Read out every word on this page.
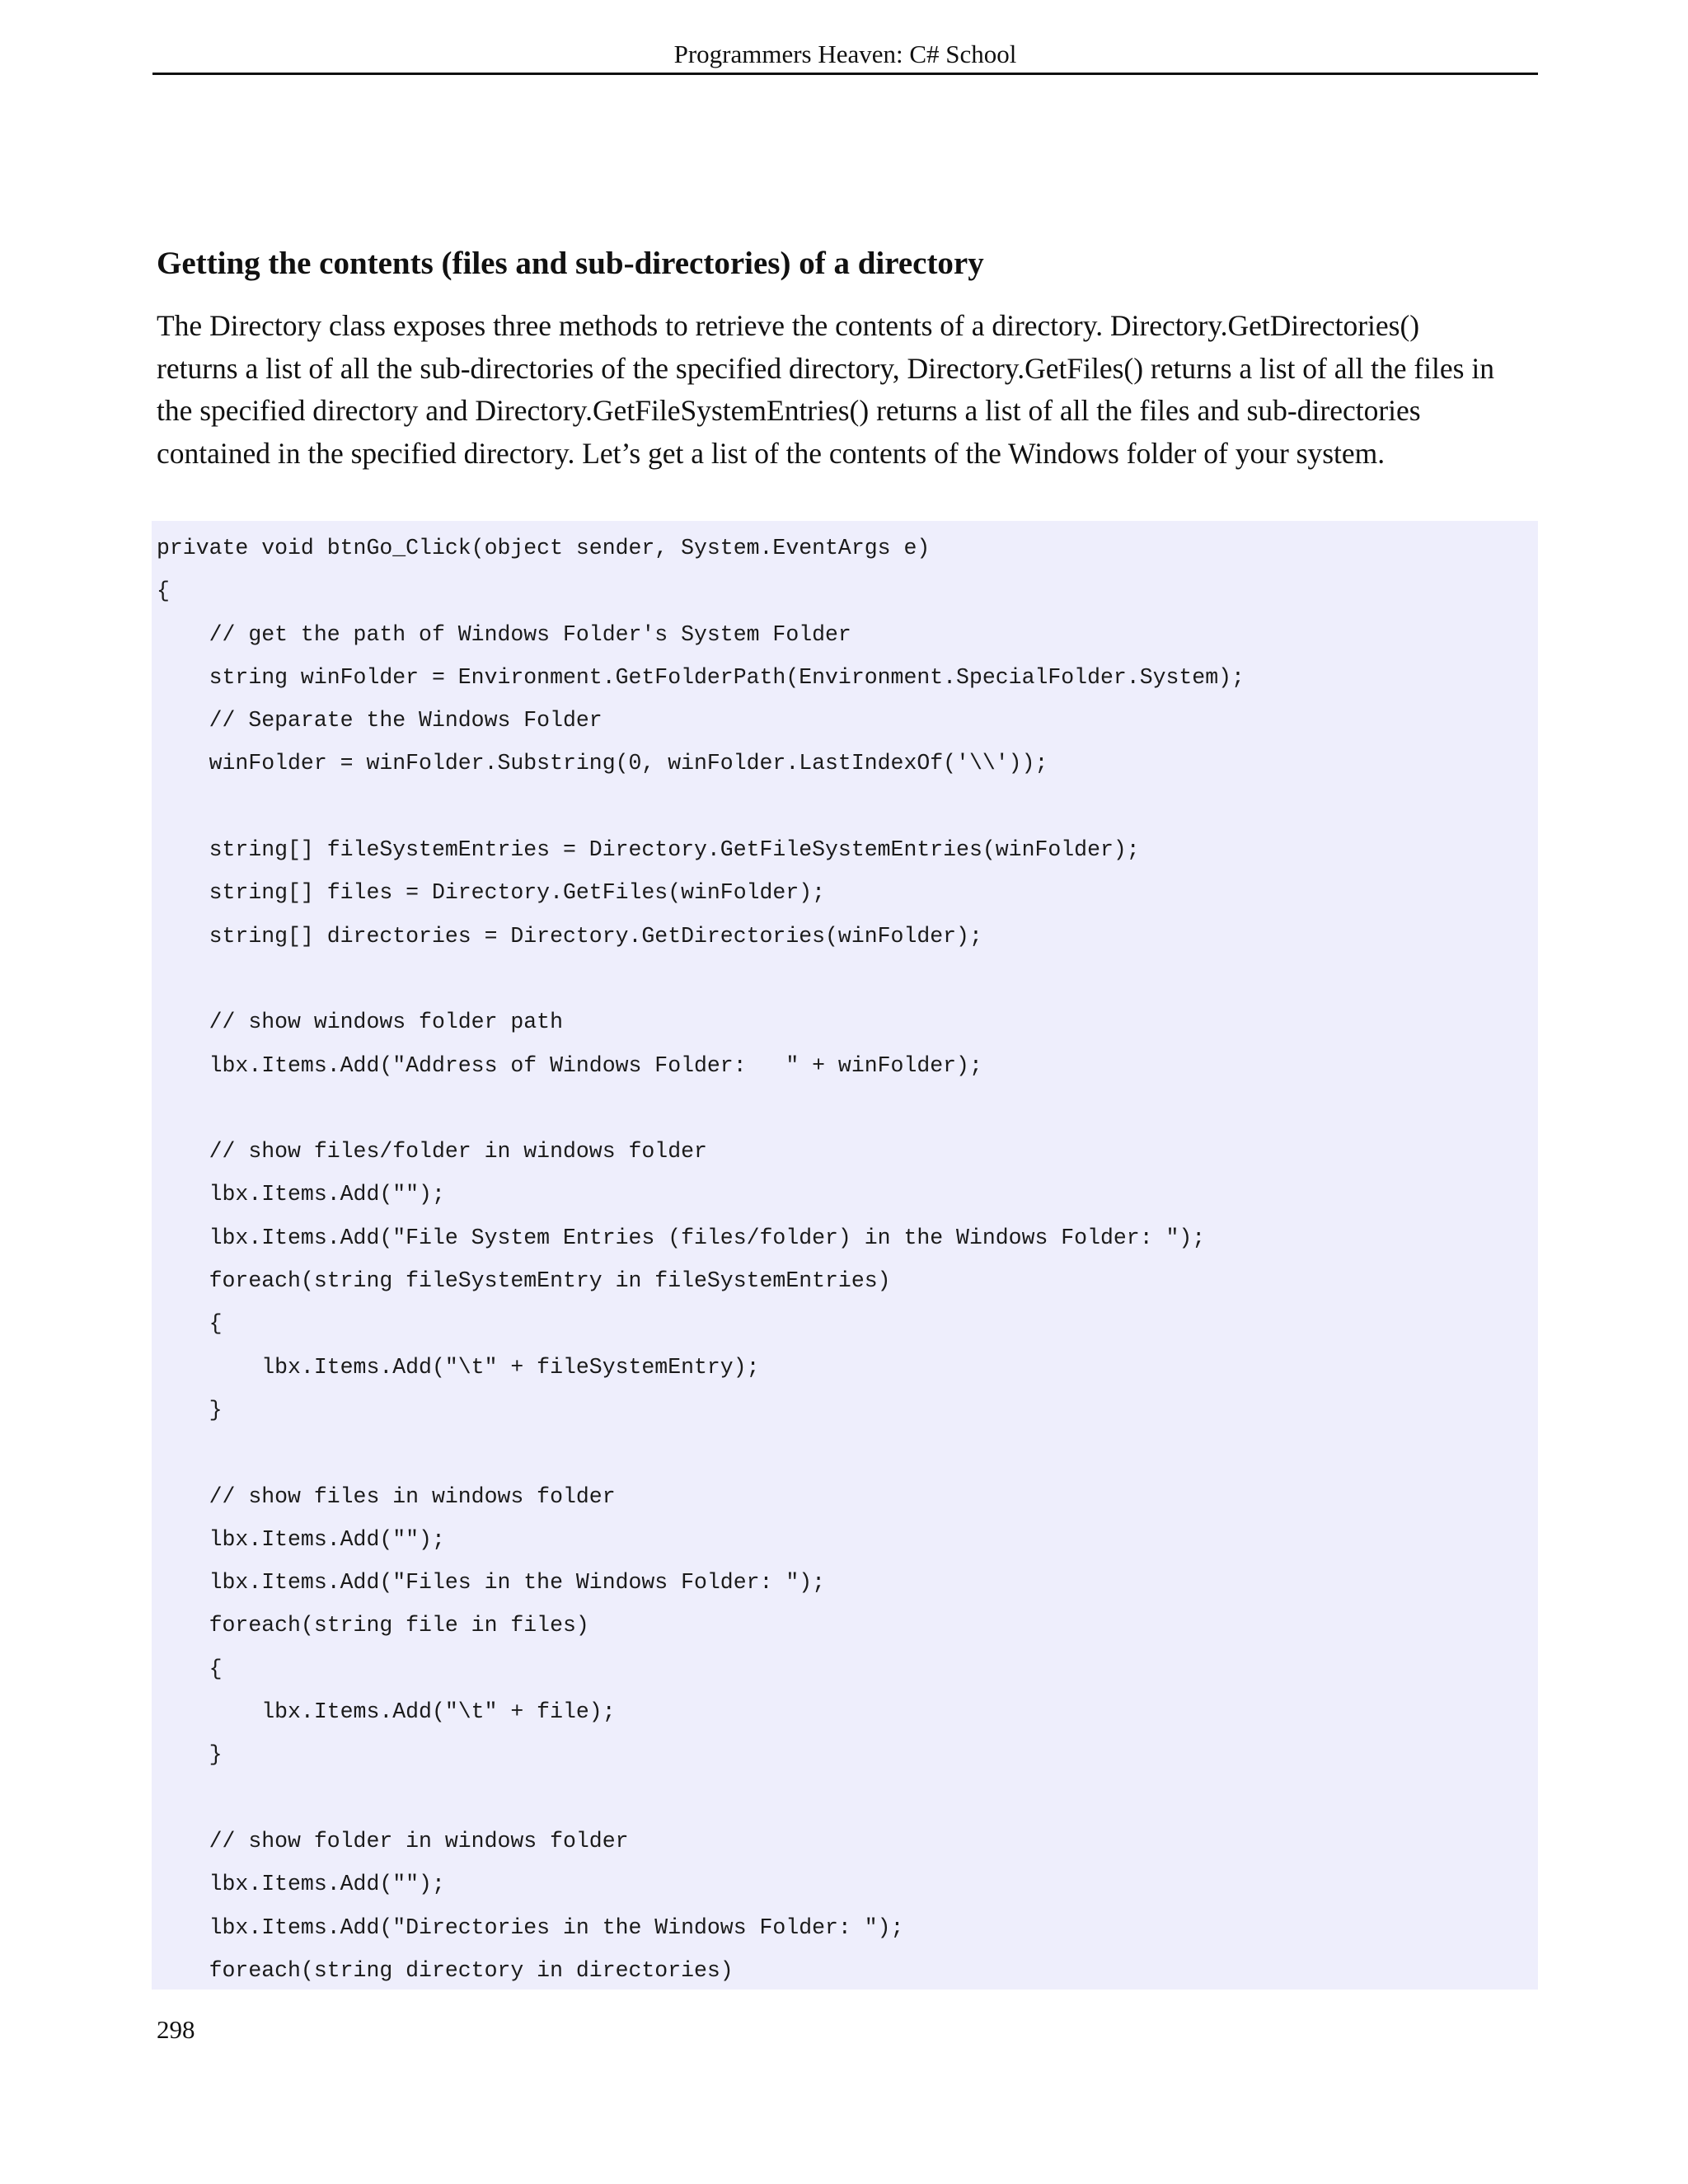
Programmers Heaven: C# School
Getting the contents (files and sub-directories) of a directory

The Directory class exposes three methods to retrieve the contents of a directory. Directory.GetDirectories()
returns a list of all the sub-directories of the specified directory, Directory.GetFiles() returns a list of all the files in
the specified directory and Directory.GetFileSystemEntries() returns a list of all the files and sub-directories
contained in the specified directory. Let’s get a list of the contents of the Windows folder of your system.

private void btnGo_Click(object sender, System.EventArgs e)
{
// get the path of Windows Folder's System Folder
string winFolder = Environment.GetFolderPath(Environment.SpecialFolder.System);
// Separate the Windows Folder
winFolder = winFolder.Substring(0, winFolder.LastIndexOf('\\'));
string[] fileSystemEntries = Directory.GetFileSystemEntries(winFolder);
string[] files = Directory.GetFiles(winFolder);
string[] directories = Directory.GetDirectories(winFolder);
// show windows folder path
lbx.Items.Add("Address of Windows Folder:   " + winFolder);
// show files/folder in windows folder
lbx.Items.Add("");
lbx.Items.Add("File System Entries (files/folder) in the Windows Folder: ");
foreach(string fileSystemEntry in fileSystemEntries)
{
lbx.Items.Add("\t" + fileSystemEntry);
}
// show files in windows folder
lbx.Items.Add("");
lbx.Items.Add("Files in the Windows Folder: ");
foreach(string file in files)
{
lbx.Items.Add("\t" + file);
}
// show folder in windows folder
lbx.Items.Add("");
lbx.Items.Add("Directories in the Windows Folder: ");
foreach(string directory in directories)
298
